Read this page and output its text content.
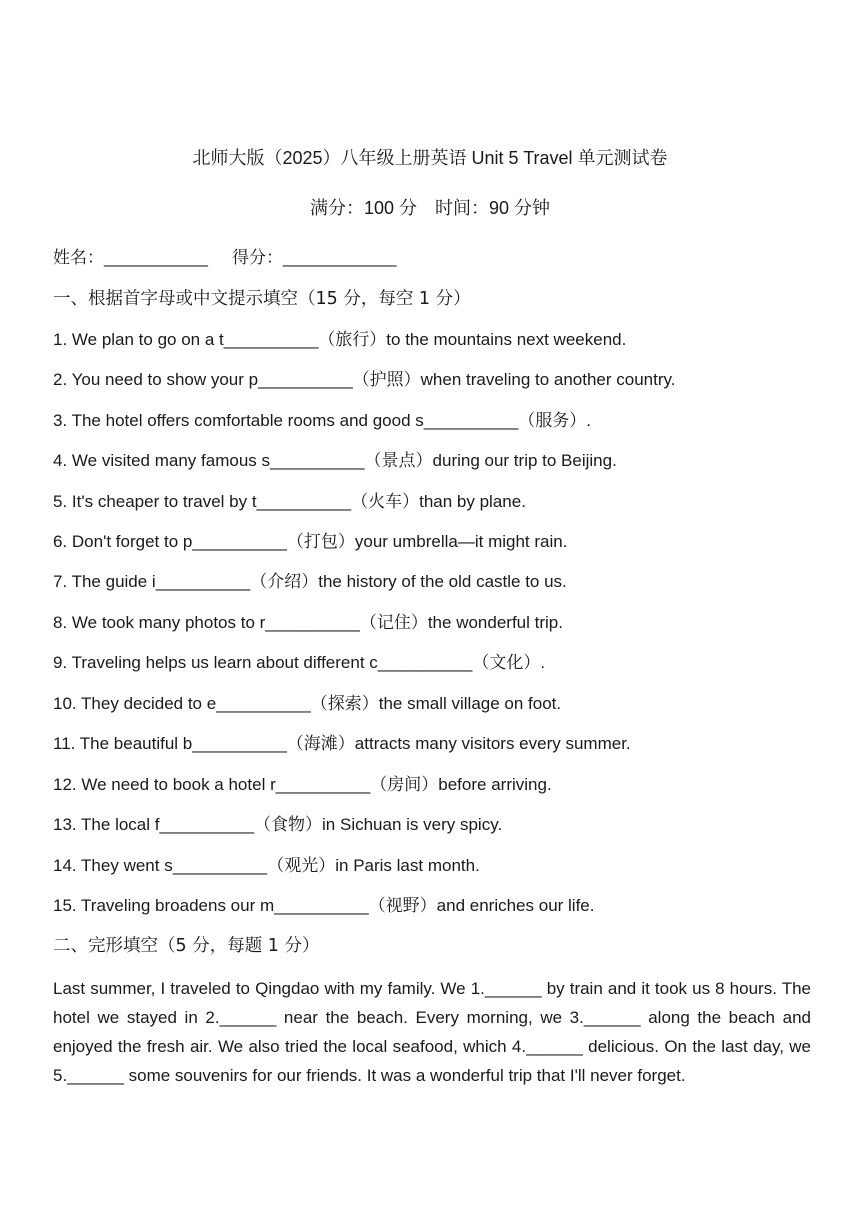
北师大版（2025）八年级上册英语 Unit 5 Travel 单元测试卷
满分：100 分 时间：90 分钟
姓名：___________ 得分：____________
一、根据首字母或中文提示填空（15 分，每空 1 分）
1. We plan to go on a t__________（旅行）to the mountains next weekend.
2. You need to show your p__________（护照）when traveling to another country.
3. The hotel offers comfortable rooms and good s__________（服务）.
4. We visited many famous s__________（景点）during our trip to Beijing.
5. It's cheaper to travel by t__________（火车）than by plane.
6. Don't forget to p__________（打包）your umbrella—it might rain.
7. The guide i__________（介绍）the history of the old castle to us.
8. We took many photos to r__________（记住）the wonderful trip.
9. Traveling helps us learn about different c__________（文化）.
10. They decided to e__________（探索）the small village on foot.
11. The beautiful b__________（海滩）attracts many visitors every summer.
12. We need to book a hotel r__________（房间）before arriving.
13. The local f__________（食物）in Sichuan is very spicy.
14. They went s__________（观光）in Paris last month.
15. Traveling broadens our m__________（视野）and enriches our life.
二、完形填空（5 分，每题 1 分）
Last summer, I traveled to Qingdao with my family. We 1.______ by train and it took us 8 hours. The hotel we stayed in 2.______ near the beach. Every morning, we 3.______ along the beach and enjoyed the fresh air. We also tried the local seafood, which 4.______ delicious. On the last day, we 5.______ some souvenirs for our friends. It was a wonderful trip that I'll never forget.
